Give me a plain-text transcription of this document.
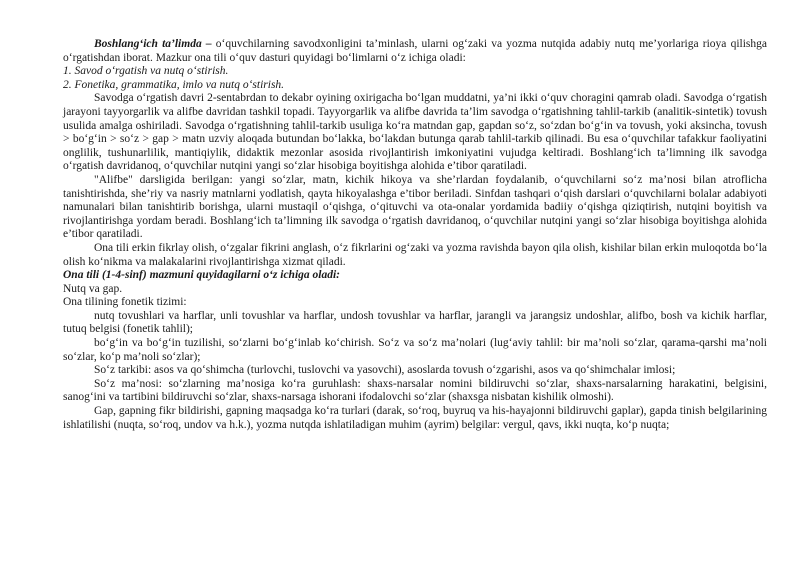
Boshlang‘ich ta’limda – o‘quvchilarning savodxonligini ta’minlash, ularni og‘zaki va yozma nutqida adabiy nutq me’yorlariga rioya qilishga o‘rgatishdan iborat. Mazkur ona tili o‘quv dasturi quyidagi bo‘limlarni o‘z ichiga oladi:

1. Savod o‘rgatish va nutq o‘stirish.

2. Fonetika, grammatika, imlo va nutq o‘stirish.

Savodga o‘rgatish davri 2-sentabrdan to dekabr oyining oxirigacha bo‘lgan muddatni, ya’ni ikki o‘quv choragini qamrab oladi. Savodga o‘rgatish jarayoni tayyorgarlik va alifbe davridan tashkil topadi. Tayyorgarlik va alifbe davrida ta’lim savodga o‘rgatishning tahlil-tarkib (analitik-sintetik) tovush usulida amalga oshiriladi. Savodga o‘rgatishning tahlil-tarkib usuliga ko‘ra matndan gap, gapdan so‘z, so‘zdan bo‘g‘in va tovush, yoki aksincha, tovush > bo‘g‘in > so‘z > gap > matn uzviy aloqada butundan bo‘lakka, bo‘lakdan butunga qarab tahlil-tarkib qilinadi. Bu esa o‘quvchilar tafakkur faoliyatini onglilik, tushunarlilik, mantiqiylik, didaktik mezonlar asosida rivojlantirish imkoniyatini vujudga keltiradi. Boshlang‘ich ta’limning ilk savodga o‘rgatish davridanoq, o‘quvchilar nutqini yangi so‘zlar hisobiga boyitishga alohida e’tibor qaratiladi.

"Alifbe" darsligida berilgan: yangi so‘zlar, matn, kichik hikoya va she’rlardan foydalanib, o‘quvchilarni so‘z ma’nosi bilan atroflicha tanishtirishda, she’riy va nasriy matnlarni yodlatish, qayta hikoyalashga e’tibor beriladi. Sinfdan tashqari o‘qish darslari o‘quvchilarni bolalar adabiyoti namunalari bilan tanishtirib borishga, ularni mustaqil o‘qishga, o‘qituvchi va ota-onalar yordamida badiiy o‘qishga qiziqtirish, nutqini boyitish va rivojlantirishga yordam beradi. Boshlang‘ich ta’limning ilk savodga o‘rgatish davridanoq, o‘quvchilar nutqini yangi so‘zlar hisobiga boyitishga alohida e’tibor qaratiladi.

Ona tili erkin fikrlay olish, o‘zgalar fikrini anglash, o‘z fikrlarini og‘zaki va yozma ravishda bayon qila olish, kishilar bilan erkin muloqotda bo‘la olish ko‘nikma va malakalarini rivojlantirishga xizmat qiladi.

Ona tili (1-4-sinf) mazmuni quyidagilarni o‘z ichiga oladi:

Nutq va gap.

Ona tilining fonetik tizimi:

nutq tovushlari va harflar, unli tovushlar va harflar, undosh tovushlar va harflar, jarangli va jarangsiz undoshlar, alifbo, bosh va kichik harflar, tutuq belgisi (fonetik tahlil);

bo‘g‘in va bo‘g‘in tuzilishi, so‘zlarni bo‘g‘inlab ko‘chirish. So‘z va so‘z ma’nolari (lug‘aviy tahlil: bir ma’noli so‘zlar, qarama-qarshi ma’noli so‘zlar, ko‘p ma’noli so‘zlar);

So‘z tarkibi: asos va qo‘shimcha (turlovchi, tuslovchi va yasovchi), asoslarda tovush o‘zgarishi, asos va qo‘shimchalar imlosi;

So‘z ma’nosi: so‘zlarning ma’nosiga ko‘ra guruhlash: shaxs-narsalar nomini bildiruvchi so‘zlar, shaxs-narsalarning harakatini, belgisini, sanog‘ini va tartibini bildiruvchi so‘zlar, shaxs-narsaga ishorani ifodalovchi so‘zlar (shaxsga nisbatan kishilik olmoshi).

Gap, gapning fikr bildirishi, gapning maqsadga ko‘ra turlari (darak, so‘roq, buyruq va his-hayajonni bildiruvchi gaplar), gapda tinish belgilarining ishlatilishi (nuqta, so‘roq, undov va h.k.), yozma nutqda ishlatiladigan muhim (ayrim) belgilar: vergul, qavs, ikki nuqta, ko‘p nuqta;
